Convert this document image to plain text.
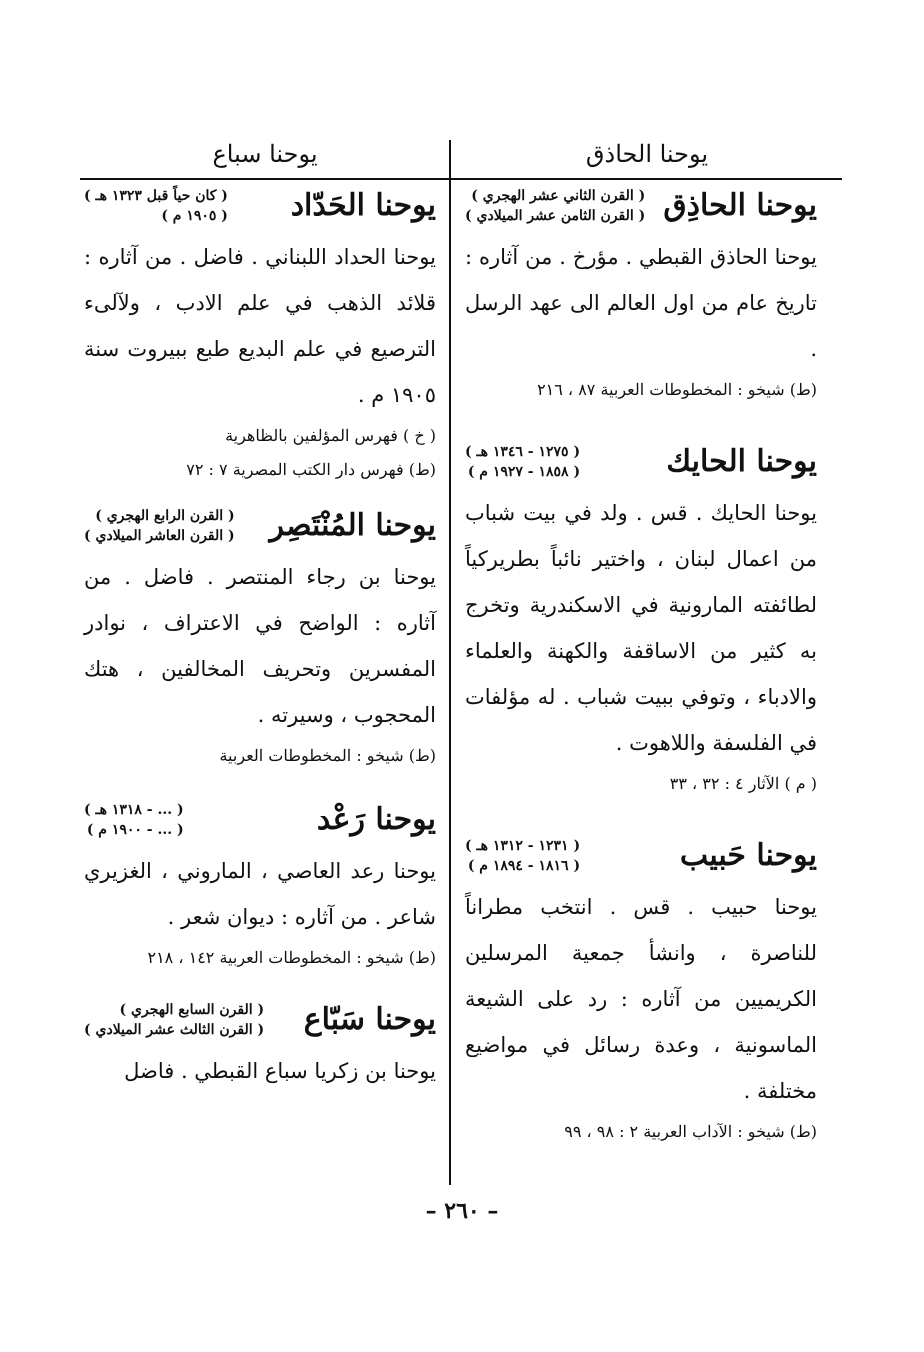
يوحنا الحاذق
يوحنا سباع
يوحنا الحاذِق
( القرن الثاني عشر الهجري )
( القرن الثامن عشر الميلادي )
يوحنا الحاذق القبطي . مؤرخ . من آثاره : تاريخ عام من اول العالم الى عهد الرسل .
(ط) شيخو : المخطوطات العربية ٨٧ ، ٢١٦
يوحنا الحايك
( ١٢٧٥ - ١٣٤٦ هـ )
( ١٨٥٨ - ١٩٢٧ م )
يوحنا الحايك . قس . ولد في بيت شباب من اعمال لبنان ، واختير نائباً بطريركياً لطائفته المارونية في الاسكندرية وتخرج به كثير من الاساقفة والكهنة والعلماء والادباء ، وتوفي ببيت شباب . له مؤلفات في الفلسفة واللاهوت .
( م ) الآثار ٤ : ٣٢ ، ٣٣
يوحنا حَبيب
( ١٢٣١ - ١٣١٢ هـ )
( ١٨١٦ - ١٨٩٤ م )
يوحنا حبيب . قس . انتخب مطراناً للناصرة ، وانشأ جمعية المرسلين الكريميين من آثاره : رد على الشيعة الماسونية ، وعدة رسائل في مواضيع مختلفة .
(ط) شيخو : الآداب العربية ٢ : ٩٨ ، ٩٩
يوحنا الحَدّاد
( كان حياً قبل ١٣٢٣ هـ )
( ١٩٠٥ م )
يوحنا الحداد اللبناني . فاضل . من آثاره : قلائد الذهب في علم الادب ، ولآلىء الترصيع في علم البديع طبع ببيروت سنة ١٩٠٥ م .
( خ ) فهرس المؤلفين بالظاهرية
(ط) فهرس دار الكتب المصرية ٧ : ٧٢
يوحنا المُنْتَصِر
( القرن الرابع الهجري )
( القرن العاشر الميلادي )
يوحنا بن رجاء المنتصر . فاضل . من آثاره : الواضح في الاعتراف ، نوادر المفسرين وتحريف المخالفين ، هتك المحجوب ، وسيرته .
(ط) شيخو : المخطوطات العربية
يوحنا رَعْد
( ... - ١٣١٨ هـ )
( ... - ١٩٠٠ م )
يوحنا رعد العاصي ، الماروني ، الغزيري شاعر . من آثاره : ديوان شعر .
(ط) شيخو : المخطوطات العربية ١٤٢ ، ٢١٨
يوحنا سَبّاع
( القرن السابع الهجري )
( القرن الثالث عشر الميلادي )
يوحنا بن زكريا سباع القبطي . فاضل
– ٢٦٠ –
